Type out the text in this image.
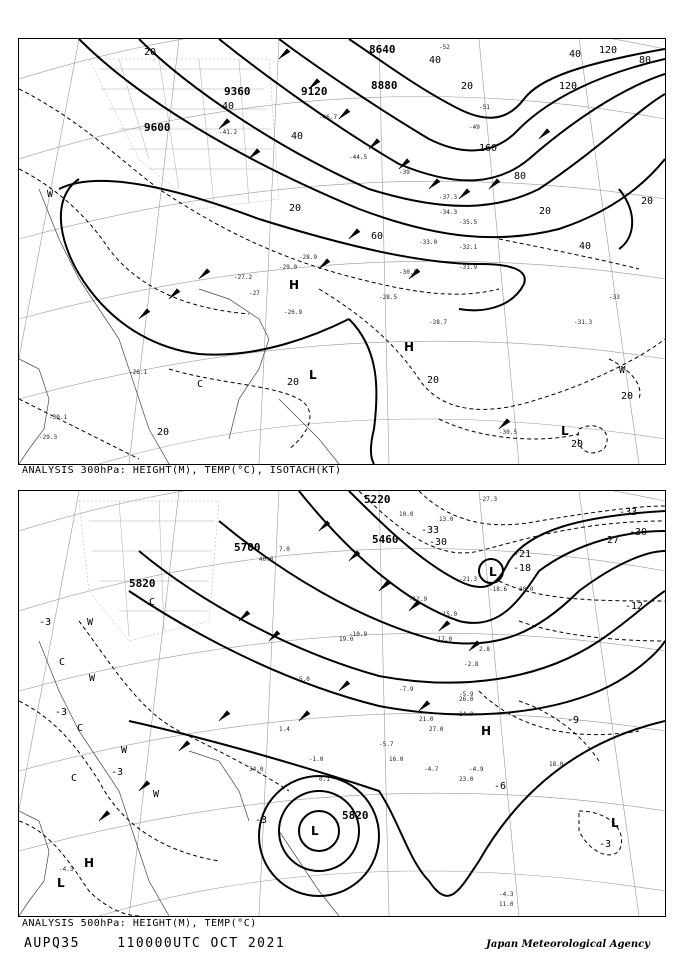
8640
8880
9120
9360
9600
20
40
40
40
80
120
160
120
40
20
20
40
20
20
20	20
20
20
20
60
80
H
H
L
L
C
W
W
-52
-51
-49
-46.7
-44.5
-41.2
-39
-37.3
-35.5
-34.3
-33.0
-32.1
-31.9
-30.5
-29.0
-28.9
-28.5
-28.7
-27.2
-27
-26.9
-26.1
-30.1
-29.3
-30.5
-31.3
-33
ANALYSIS 300hPa: HEIGHT(M), TEMP(°C), ISOTACH(KT)
5220
5460
5700
5820
5820
-33
-30	-27
-33
-30
-21
-18
-12
-9
-6
-3
-3
-3
-3
-3
L
L
L
L
H
H
W
W
W
W
C
C
C
C
-27.3
-21.3
-18.6
-17.0
-15.0
-12.9
-10.9
-7.9
-5.9
-5.7
-4.9
-4.7
-4.3
-4.3
-2.8
-1.0
0.1
1.4
2.8
5.0
7.0
10.0
11.0
13.0
14.0
16.0
18.0
19.0
21.0
23.0
26.0
27.0
30.0
34.0
40.0
ANALYSIS 500hPa: HEIGHT(M), TEMP(°C)
AUPQ35	110000UTC OCT 2021	Japan Meteorological Agency
